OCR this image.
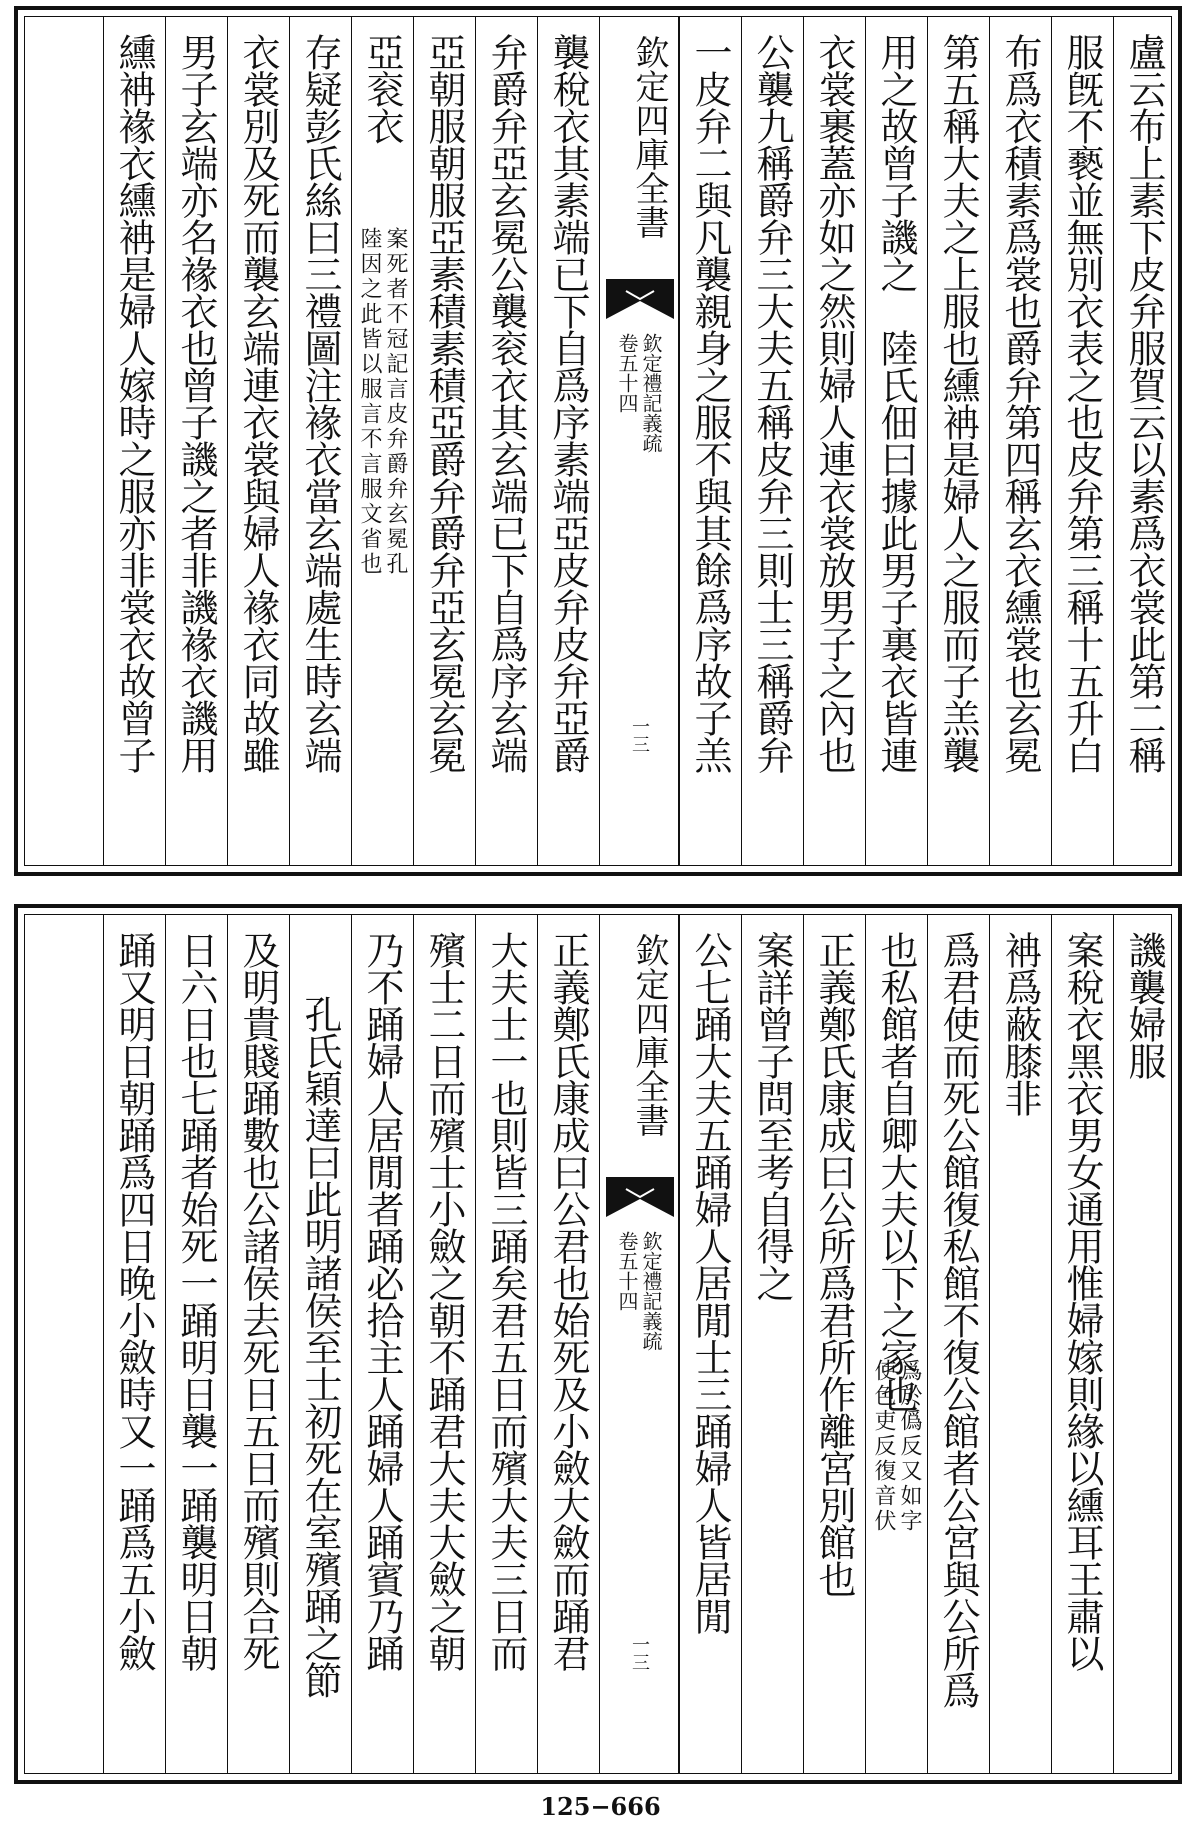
盧云布上素下皮弁服賀云以素爲衣裳此第二稱
服旣不褻並無別衣表之也皮弁第三稱十五升白
布爲衣積素爲裳也爵弁第四稱玄衣纁裳也玄冕
第五稱大夫之上服也纁袡是婦人之服而子羔襲
用之故曾子譏之　陸氏佃曰據此男子裏衣皆連
衣裳裹蓋亦如之然則婦人連衣裳放男子之內也
公襲九稱爵弁三大夫五稱皮弁三則士三稱爵弁
一皮弁二與凡襲親身之服不與其餘爲序故子羔
欽定四庫全書
欽定禮記義疏
卷五十四
一三
襲稅衣其素端已下自爲序素端亞皮弁皮弁亞爵
弁爵弁亞玄冕公襲衮衣其玄端已下自爲序玄端
亞朝服朝服亞素積素積亞爵弁爵弁亞玄冕玄冕
亞衮衣
案死者不冠記言皮弁爵弁玄冕孔
陸因之此皆以服言不言服文省也
存疑彭氏絲曰三禮圖注褖衣當玄端處生時玄端
衣裳別及死而襲玄端連衣裳與婦人褖衣同故雖
男子玄端亦名褖衣也曾子譏之者非譏褖衣譏用
纁袡褖衣纁袡是婦人嫁時之服亦非裳衣故曾子
譏襲婦服
案稅衣黑衣男女通用惟婦嫁則緣以纁耳王肅以
袡爲蔽膝非
爲君使而死公館復私館不復公館者公宮與公所爲
也私館者自卿大夫以下之家也
爲於僞反又如字
使色吏反復音伏
正義鄭氏康成曰公所爲君所作離宮別館也
案詳曾子問至考自得之
公七踊大夫五踊婦人居閒士三踊婦人皆居閒
欽定四庫全書
欽定禮記義疏
卷五十四
一三
正義鄭氏康成曰公君也始死及小斂大斂而踊君
大夫士一也則皆三踊矣君五日而殯大夫三日而
殯士二日而殯士小斂之朝不踊君大夫大斂之朝
乃不踊婦人居閒者踊必拾主人踊婦人踊賓乃踊
孔氏穎達曰此明諸侯至士初死在室殯踊之節
及明貴賤踊數也公諸侯去死日五日而殯則合死
日六日也七踊者始死一踊明日襲一踊襲明日朝
踊又明日朝踊爲四日晚小斂時又一踊爲五小斂
125−666
